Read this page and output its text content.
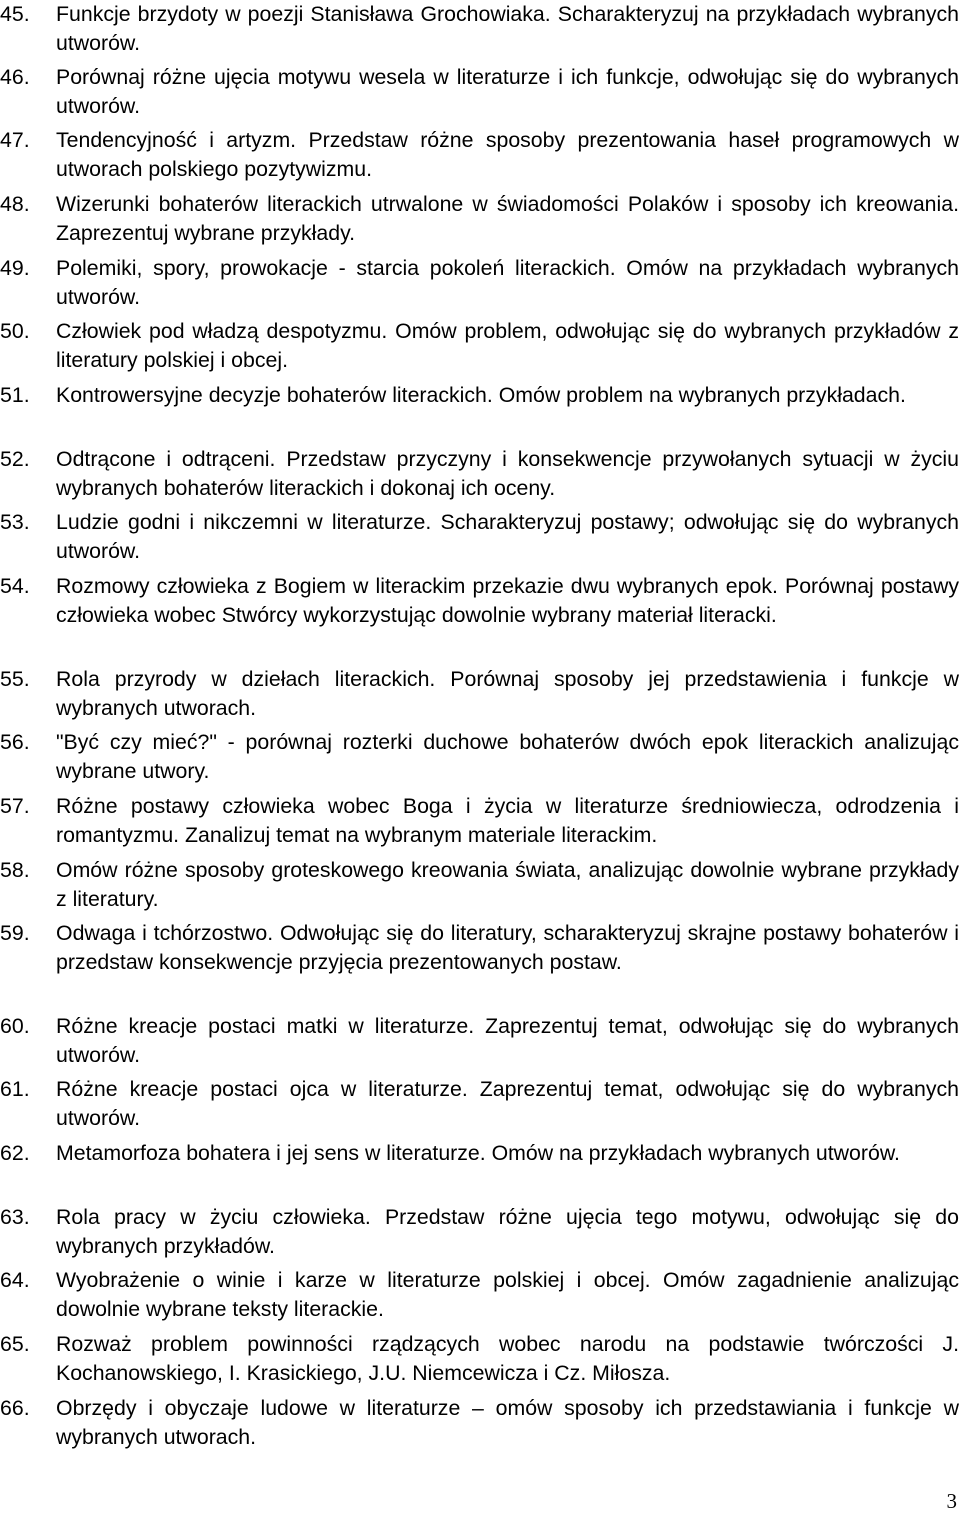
45.	Funkcje brzydoty w poezji Stanisława Grochowiaka. Scharakteryzuj na przykładach wybranych utworów.
46.	Porównaj różne ujęcia motywu wesela w literaturze i ich funkcje, odwołując się do wybranych utworów.
47.	Tendencyjność i artyzm. Przedstaw różne sposoby prezentowania haseł programowych w utworach polskiego pozytywizmu.
48.	Wizerunki bohaterów literackich utrwalone w świadomości Polaków i sposoby ich kreowania. Zaprezentuj wybrane przykłady.
49.	Polemiki, spory, prowokacje - starcia pokoleń literackich. Omów na przykładach wybranych utworów.
50.	Człowiek pod władzą despotyzmu. Omów problem, odwołując się do wybranych przykładów z literatury polskiej i obcej.
51.	Kontrowersyjne decyzje bohaterów literackich. Omów problem na wybranych przykładach.
52.	Odtrącone i odtrąceni. Przedstaw przyczyny i konsekwencje przywołanych sytuacji w życiu wybranych bohaterów literackich i dokonaj ich oceny.
53.	Ludzie godni i nikczemni w literaturze. Scharakteryzuj postawy; odwołując się do wybranych utworów.
54.	Rozmowy człowieka z Bogiem w literackim przekazie dwu wybranych epok. Porównaj postawy człowieka wobec Stwórcy wykorzystując dowolnie wybrany materiał literacki.
55.	Rola przyrody w dziełach literackich. Porównaj sposoby jej przedstawienia i funkcje w wybranych utworach.
56.	"Być czy mieć?" - porównaj rozterki duchowe bohaterów dwóch epok literackich analizując wybrane utwory.
57.	Różne postawy człowieka wobec Boga i życia w literaturze średniowiecza, odrodzenia i romantyzmu. Zanalizuj temat na wybranym materiale literackim.
58.	Omów różne sposoby groteskowego kreowania świata, analizując dowolnie wybrane przykłady z literatury.
59.	Odwaga i tchórzostwo. Odwołując się do literatury, scharakteryzuj skrajne postawy bohaterów i przedstaw konsekwencje przyjęcia prezentowanych postaw.
60.	Różne kreacje postaci matki w literaturze. Zaprezentuj temat, odwołując się do wybranych utworów.
61.	Różne kreacje postaci ojca w literaturze. Zaprezentuj temat, odwołując się do wybranych utworów.
62.	Metamorfoza bohatera i jej sens w literaturze. Omów na przykładach wybranych utworów.
63.	Rola pracy w życiu człowieka. Przedstaw różne ujęcia tego motywu, odwołując się do wybranych przykładów.
64.	Wyobrażenie o winie i karze w literaturze polskiej i obcej. Omów zagadnienie analizując dowolnie wybrane teksty literackie.
65.	Rozważ problem powinności rządzących wobec narodu na podstawie twórczości J. Kochanowskiego, I. Krasickiego, J.U. Niemcewicza i Cz. Miłosza.
66.	Obrzędy i obyczaje ludowe w literaturze – omów sposoby ich przedstawiania i funkcje w wybranych utworach.
3
